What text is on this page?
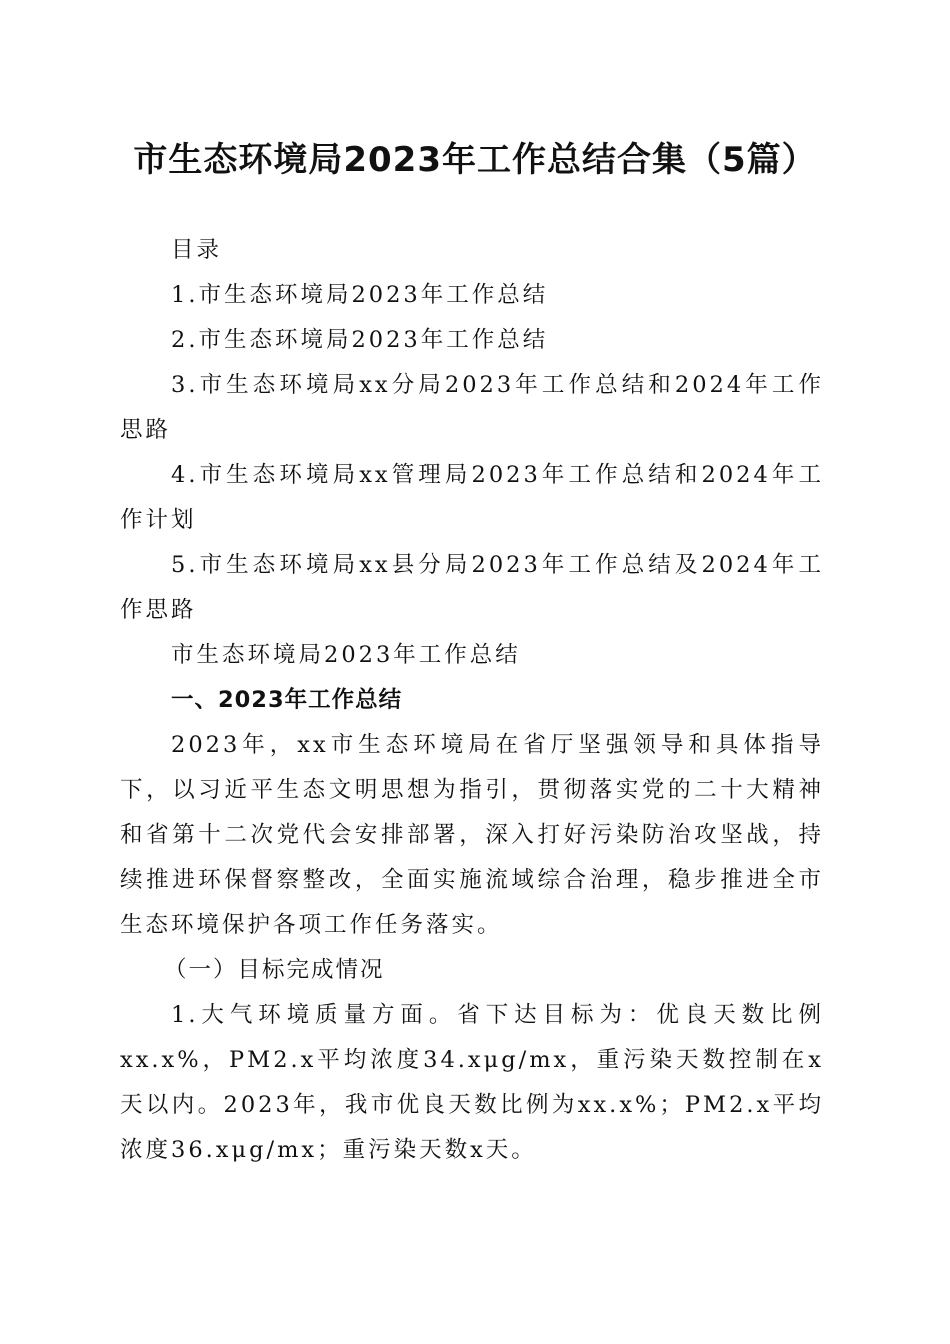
市生态环境局2023年工作总结合集（5篇）

目录

1.市生态环境局2023年工作总结

2.市生态环境局2023年工作总结

3.市生态环境局xx分局2023年工作总结和2024年工作思路

4.市生态环境局xx管理局2023年工作总结和2024年工作计划

5.市生态环境局xx县分局2023年工作总结及2024年工作思路

市生态环境局2023年工作总结

一、2023年工作总结

2023年，xx市生态环境局在省厅坚强领导和具体指导下，以习近平生态文明思想为指引，贯彻落实党的二十大精神和省第十二次党代会安排部署，深入打好污染防治攻坚战，持续推进环保督察整改，全面实施流域综合治理，稳步推进全市生态环境保护各项工作任务落实。

（一）目标完成情况

1.大气环境质量方面。省下达目标为：优良天数比例xx.x%，PM2.x平均浓度34.xμg/mx，重污染天数控制在x天以内。2023年，我市优良天数比例为xx.x%；PM2.x平均浓度36.xμg/mx；重污染天数x天。
